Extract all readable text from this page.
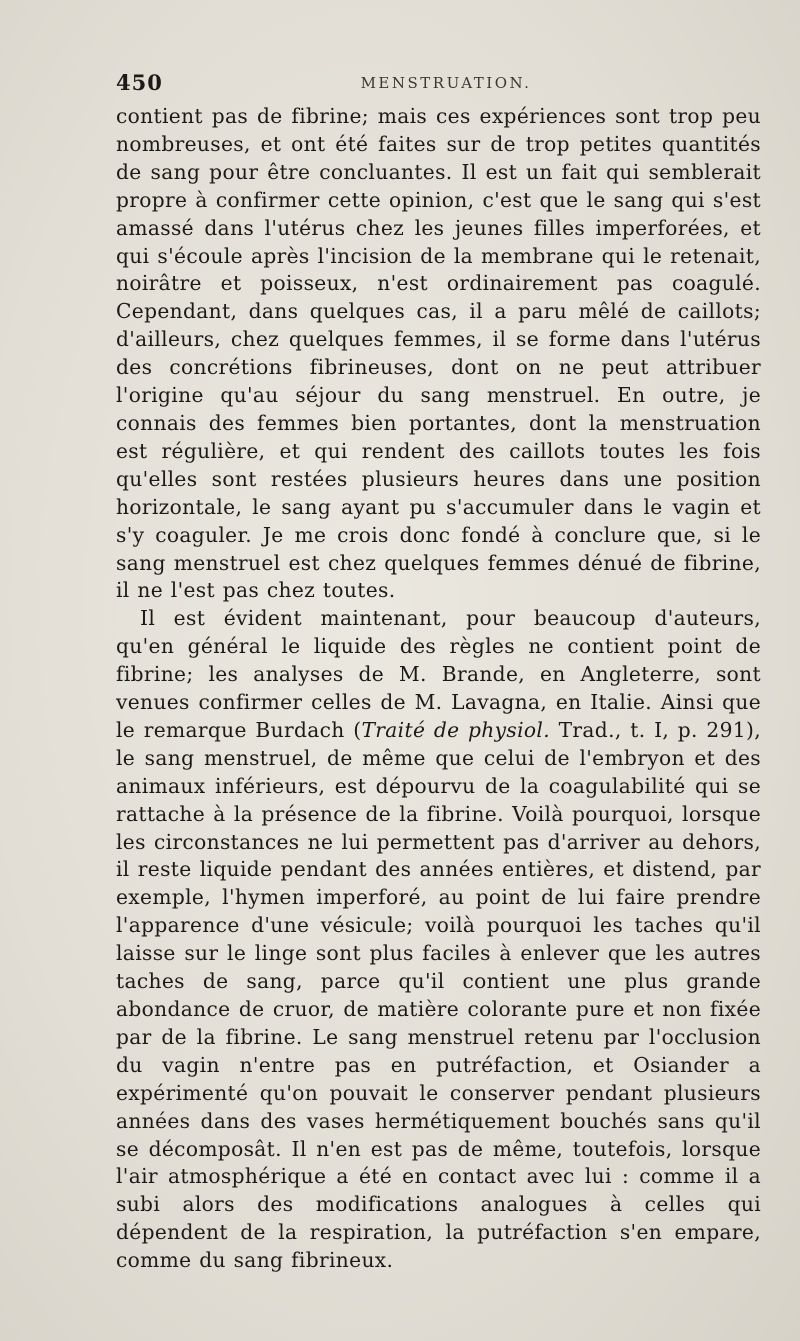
450	MENSTRUATION.

contient pas de fibrine; mais ces expériences sont trop peu nombreuses, et ont été faites sur de trop petites quantités de sang pour être concluantes. Il est un fait qui semblerait propre à confirmer cette opinion, c'est que le sang qui s'est amassé dans l'utérus chez les jeunes filles imperforées, et qui s'écoule après l'incision de la membrane qui le retenait, noirâtre et poisseux, n'est ordinairement pas coagulé. Cependant, dans quelques cas, il a paru mêlé de caillots; d'ailleurs, chez quelques femmes, il se forme dans l'utérus des concrétions fibrineuses, dont on ne peut attribuer l'origine qu'au séjour du sang menstruel. En outre, je connais des femmes bien portantes, dont la menstruation est régulière, et qui rendent des caillots toutes les fois qu'elles sont restées plusieurs heures dans une position horizontale, le sang ayant pu s'accumuler dans le vagin et s'y coaguler. Je me crois donc fondé à conclure que, si le sang menstruel est chez quelques femmes dénué de fibrine, il ne l'est pas chez toutes.

Il est évident maintenant, pour beaucoup d'auteurs, qu'en général le liquide des règles ne contient point de fibrine; les analyses de M. Brande, en Angleterre, sont venues confirmer celles de M. Lavagna, en Italie. Ainsi que le remarque Burdach (Traité de physiol. Trad., t. I, p. 291), le sang menstruel, de même que celui de l'embryon et des animaux inférieurs, est dépourvu de la coagulabilité qui se rattache à la présence de la fibrine. Voilà pourquoi, lorsque les circonstances ne lui permettent pas d'arriver au dehors, il reste liquide pendant des années entières, et distend, par exemple, l'hymen imperforé, au point de lui faire prendre l'apparence d'une vésicule; voilà pourquoi les taches qu'il laisse sur le linge sont plus faciles à enlever que les autres taches de sang, parce qu'il contient une plus grande abondance de cruor, de matière colorante pure et non fixée par de la fibrine. Le sang menstruel retenu par l'occlusion du vagin n'entre pas en putréfaction, et Osiander a expérimenté qu'on pouvait le conserver pendant plusieurs années dans des vases hermétiquement bouchés sans qu'il se décomposât. Il n'en est pas de même, toutefois, lorsque l'air atmosphérique a été en contact avec lui : comme il a subi alors des modifications analogues à celles qui dépendent de la respiration, la putréfaction s'en empare, comme du sang fibrineux.
